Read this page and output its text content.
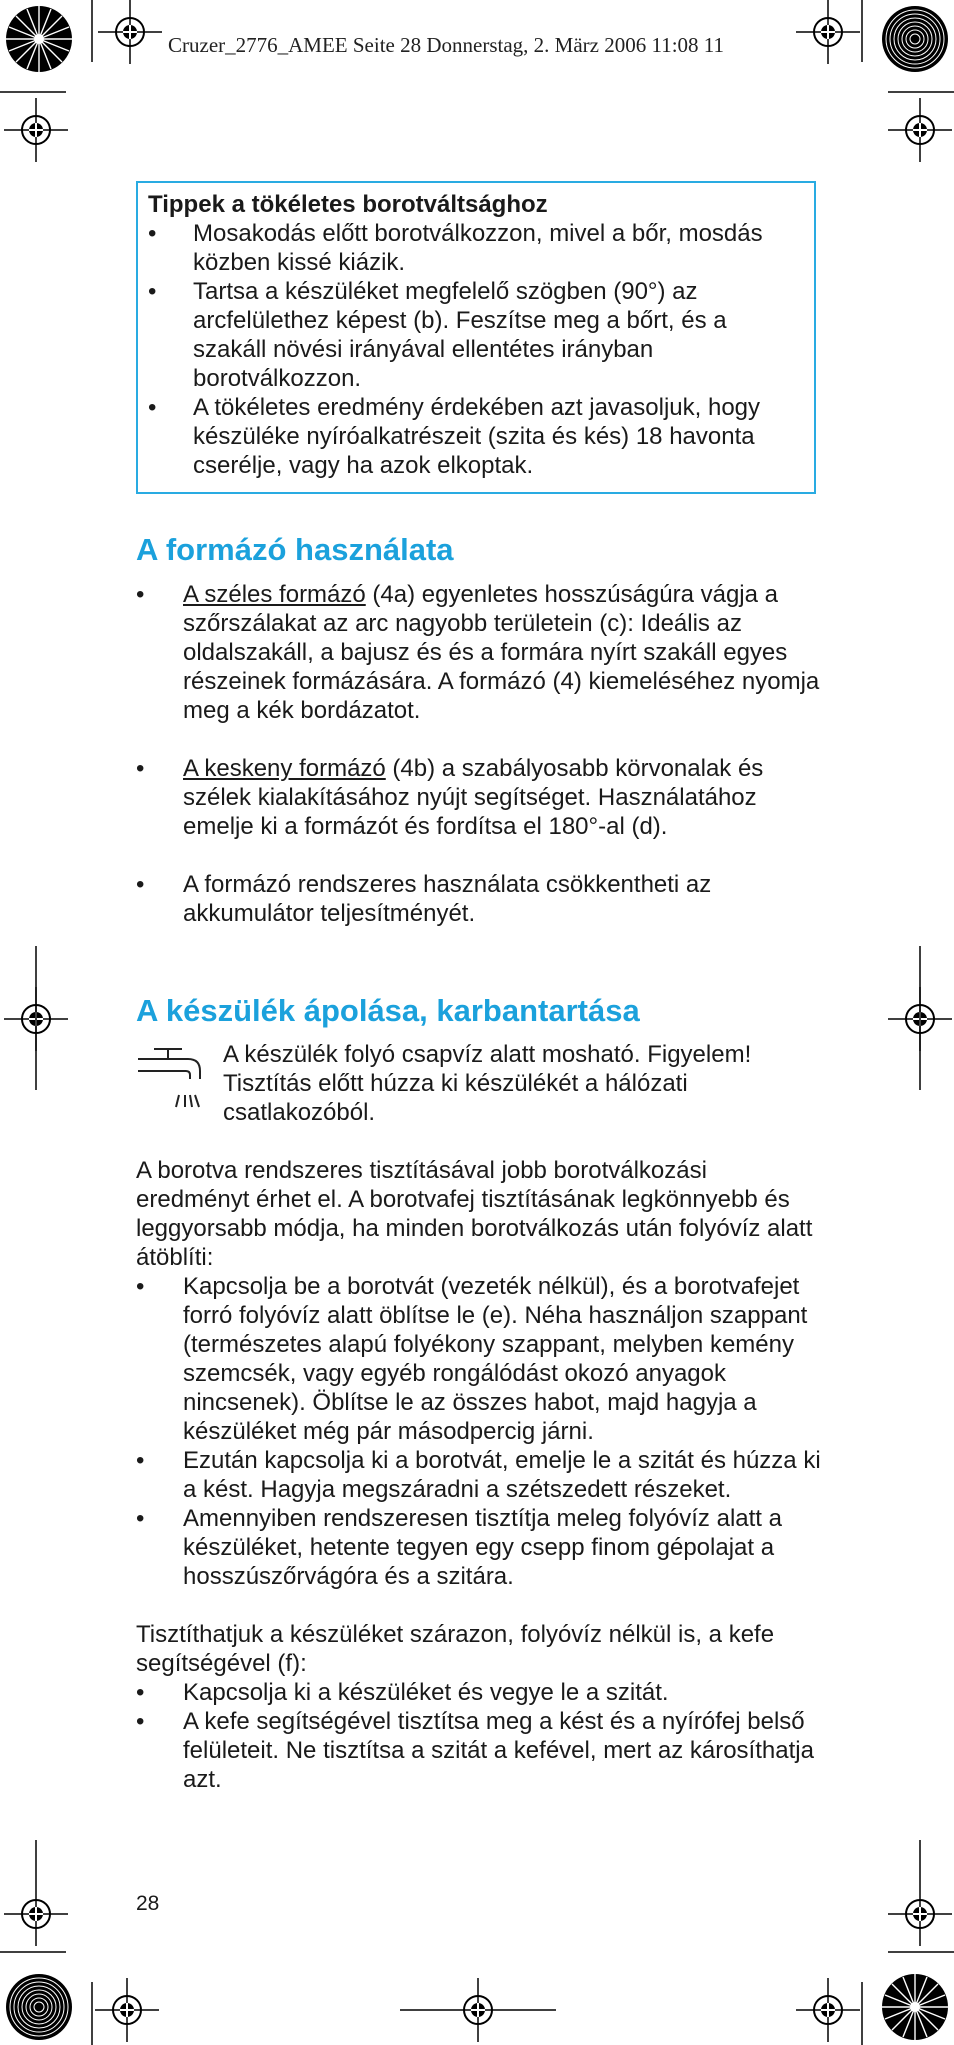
Cruzer_2776_AMEE Seite 28 Donnerstag, 2. März 2006 11:08 11

Tippek a tökéletes borotváltsághoz

• Mosakodás előtt borotválkozzon, mivel a bőr, mosdás közben kissé kiázik.
• Tartsa a készüléket megfelelő szögben (90°) az arcfelülethez képest (b). Feszítse meg a bőrt, és a szakáll növési irányával ellentétes irányban borotválkozzon.
• A tökéletes eredmény érdekében azt javasoljuk, hogy készüléke nyíróalkatrészeit (szita és kés) 18 havonta cserélje, vagy ha azok elkoptak.
A formázó használata
• A széles formázó (4a) egyenletes hosszúságúra vágja a szőrszálakat az arc nagyobb területein (c): Ideális az oldalszakáll, a bajusz és és a formára nyírt szakáll egyes részeinek formázására. A formázó (4) kiemeléséhez nyomja meg a kék bordázatot.
• A keskeny formázó (4b) a szabályosabb körvonalak és szélek kialakításához nyújt segítséget. Használatához emelje ki a formázót és fordítsa el 180°-al (d).
• A formázó rendszeres használata csökkentheti az akkumulátor teljesítményét.
A készülék ápolása, karbantartása
A készülék folyó csapvíz alatt mosható. Figyelem! Tisztítás előtt húzza ki készülékét a hálózati csatlakozóból.

A borotva rendszeres tisztításával jobb borotválkozási eredményt érhet el. A borotvafej tisztításának legkönnyebb és leggyorsabb módja, ha minden borotválkozás után folyóvíz alatt átöblíti:

• Kapcsolja be a borotvát (vezeték nélkül), és a borotvafejet forró folyóvíz alatt öblítse le (e). Néha használjon szappant (természetes alapú folyékony szappant, melyben kemény szemcsék, vagy egyéb rongálódást okozó anyagok nincsenek). Öblítse le az összes habot, majd hagyja a készüléket még pár másodpercig járni.
• Ezután kapcsolja ki a borotvát, emelje le a szitát és húzza ki a kést. Hagyja megszáradni a szétszedett részeket.
• Amennyiben rendszeresen tisztítja meleg folyóvíz alatt a készüléket, hetente tegyen egy csepp finom gépolajat a hosszúszőrvágóra és a szitára.

Tisztíthatjuk a készüléket szárazon, folyóvíz nélkül is, a kefe segítségével (f):

• Kapcsolja ki a készüléket és vegye le a szitát.
• A kefe segítségével tisztítsa meg a kést és a nyírófej belső felületeit. Ne tisztítsa a szitát a kefével, mert az károsíthatja azt.
28
